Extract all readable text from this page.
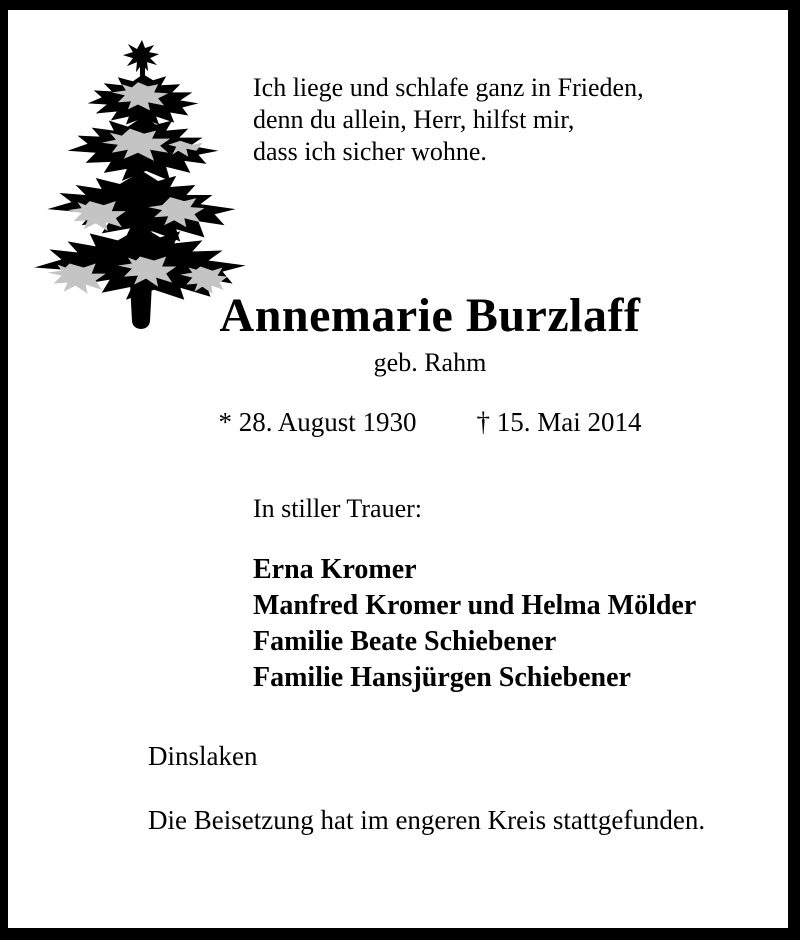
Ich liege und schlafe ganz in Frieden,
denn du allein, Herr, hilfst mir,
dass ich sicher wohne.
Annemarie Burzlaff
geb. Rahm
* 28. August 1930 † 15. Mai 2014
In stiller Trauer:
Erna Kromer
Manfred Kromer und Helma Mölder
Familie Beate Schiebener
Familie Hansjürgen Schiebener
Dinslaken
Die Beisetzung hat im engeren Kreis stattgefunden.
